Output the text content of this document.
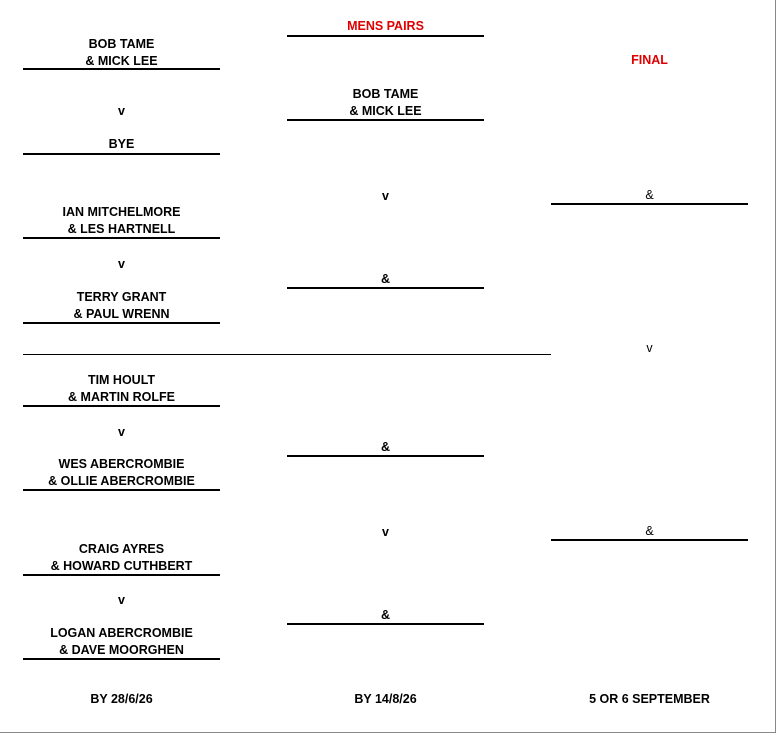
MENS PAIRS
FINAL
BOB TAME
& MICK LEE
v
BYE
IAN MITCHELMORE
& LES HARTNELL
v
TERRY GRANT
& PAUL WRENN
TIM HOULT
& MARTIN ROLFE
v
WES ABERCROMBIE
& OLLIE ABERCROMBIE
CRAIG AYRES
& HOWARD CUTHBERT
v
LOGAN ABERCROMBIE
& DAVE MOORGHEN
BOB TAME
& MICK LEE
v
&
&
v
&
&
v
&
BY 28/6/26	BY 14/8/26	5 OR 6 SEPTEMBER
